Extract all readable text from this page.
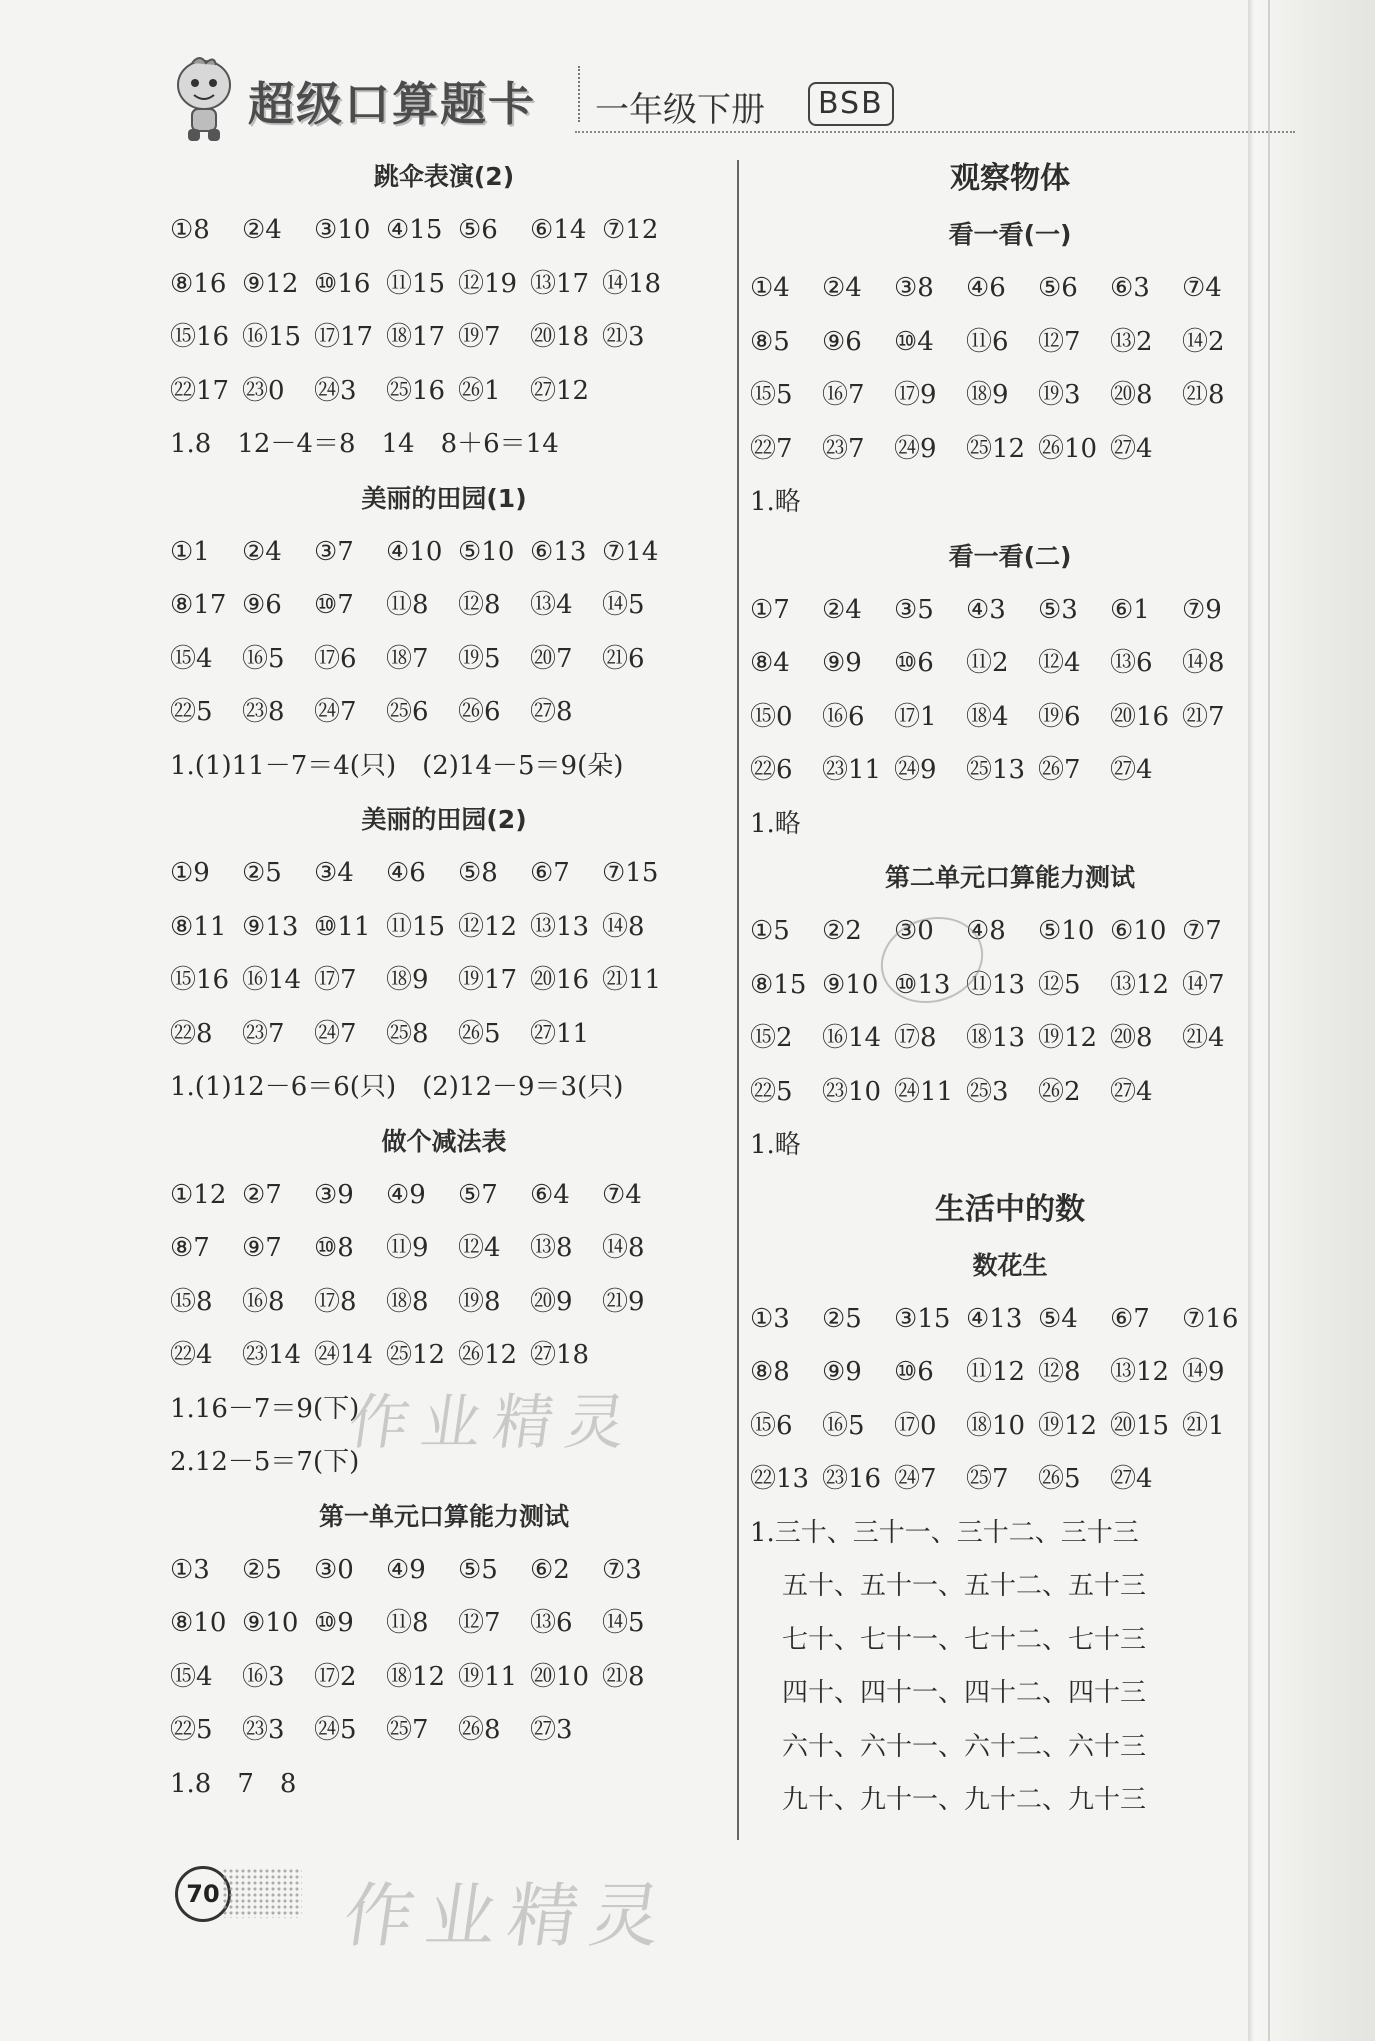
超级口算题卡 一年级下册	BSB
跳伞表演(2)
①8	②4	③10 ④15 ⑤6	⑥14 ⑦12
⑧16 ⑨12 ⑩16 ⑪15 ⑫19 ⑬17 ⑭18
⑮16 ⑯15 ⑰17 ⑱17 ⑲7	⑳18 ㉑3
㉒17 ㉓0	㉔3	㉕16 ㉖1	㉗12
1.8　12－4＝8　14　8＋6＝14
美丽的田园(1)
①1	②4	③7	④10 ⑤10 ⑥13 ⑦14
⑧17 ⑨6	⑩7	⑪8	⑫8	⑬4	⑭5
⑮4	⑯5	⑰6	⑱7	⑲5	⑳7	㉑6
㉒5	㉓8	㉔7	㉕6	㉖6	㉗8
1.(1)11－7＝4(只)　(2)14－5＝9(朵)
美丽的田园(2)
①9	②5	③4	④6	⑤8	⑥7	⑦15
⑧11 ⑨13 ⑩11 ⑪15 ⑫12 ⑬13 ⑭8
⑮16 ⑯14 ⑰7	⑱9	⑲17 ⑳16 ㉑11
㉒8	㉓7	㉔7	㉕8	㉖5	㉗11
1.(1)12－6＝6(只)　(2)12－9＝3(只)
做个减法表
①12 ②7	③9	④9	⑤7	⑥4	⑦4
⑧7	⑨7	⑩8	⑪9	⑫4	⑬8	⑭8
⑮8	⑯8	⑰8	⑱8	⑲8	⑳9	㉑9
㉒4	㉓14 ㉔14 ㉕12 ㉖12 ㉗18
1.16－7＝9(下)
2.12－5＝7(下)
第一单元口算能力测试
①3	②5	③0	④9	⑤5	⑥2	⑦3
⑧10 ⑨10 ⑩9	⑪8	⑫7	⑬6	⑭5
⑮4	⑯3	⑰2	⑱12 ⑲11 ⑳10 ㉑8
㉒5	㉓3	㉔5	㉕7	㉖8	㉗3
1.8　7　8
观察物体
看一看(一)
①4	②4	③8	④6	⑤6	⑥3	⑦4
⑧5	⑨6	⑩4	⑪6	⑫7	⑬2	⑭2
⑮5	⑯7	⑰9	⑱9	⑲3	⑳8	㉑8
㉒7	㉓7	㉔9	㉕12 ㉖10 ㉗4
1.略
看一看(二)
①7	②4	③5	④3	⑤3	⑥1	⑦9
⑧4	⑨9	⑩6	⑪2	⑫4	⑬6	⑭8
⑮0	⑯6	⑰1	⑱4	⑲6	⑳16 ㉑7
㉒6	㉓11 ㉔9	㉕13 ㉖7	㉗4
1.略
第二单元口算能力测试
①5	②2	③0	④8	⑤10 ⑥10 ⑦7
⑧15 ⑨10 ⑩13 ⑪13 ⑫5	⑬12 ⑭7
⑮2	⑯14 ⑰8	⑱13 ⑲12 ⑳8	㉑4
㉒5	㉓10 ㉔11 ㉕3	㉖2	㉗4
1.略
生活中的数
数花生
①3	②5	③15 ④13 ⑤4	⑥7	⑦16
⑧8	⑨9	⑩6	⑪12 ⑫8	⑬12 ⑭9
⑮6	⑯5	⑰0	⑱10 ⑲12 ⑳15 ㉑1
㉒13 ㉓16 ㉔7	㉕7	㉖5	㉗4
1.三十、三十一、三十二、三十三
五十、五十一、五十二、五十三
七十、七十一、七十二、七十三
四十、四十一、四十二、四十三
六十、六十一、六十二、六十三
九十、九十一、九十二、九十三
作业精灵
作业精灵
70
